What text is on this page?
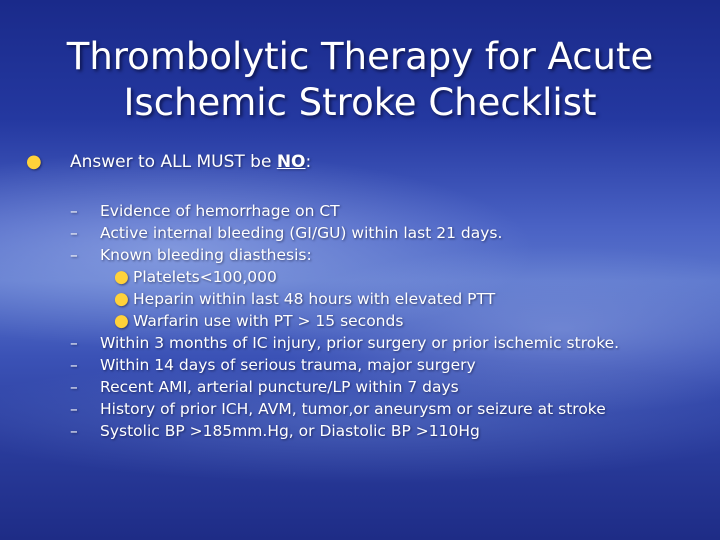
Thrombolytic Therapy for Acute
Ischemic Stroke Checklist
● Answer to ALL MUST be NO:
– Evidence of hemorrhage on CT
– Active internal bleeding (GI/GU) within last 21 days.
– Known bleeding diasthesis:
● Platelets<100,000
● Heparin within last 48 hours with elevated PTT
● Warfarin use with PT > 15 seconds
– Within 3 months of IC injury, prior surgery or prior ischemic stroke.
– Within 14 days of serious trauma, major surgery
– Recent AMI, arterial puncture/LP within 7 days
– History of prior ICH, AVM, tumor,or aneurysm or seizure at stroke
– Systolic BP >185mm.Hg, or Diastolic BP >110Hg
